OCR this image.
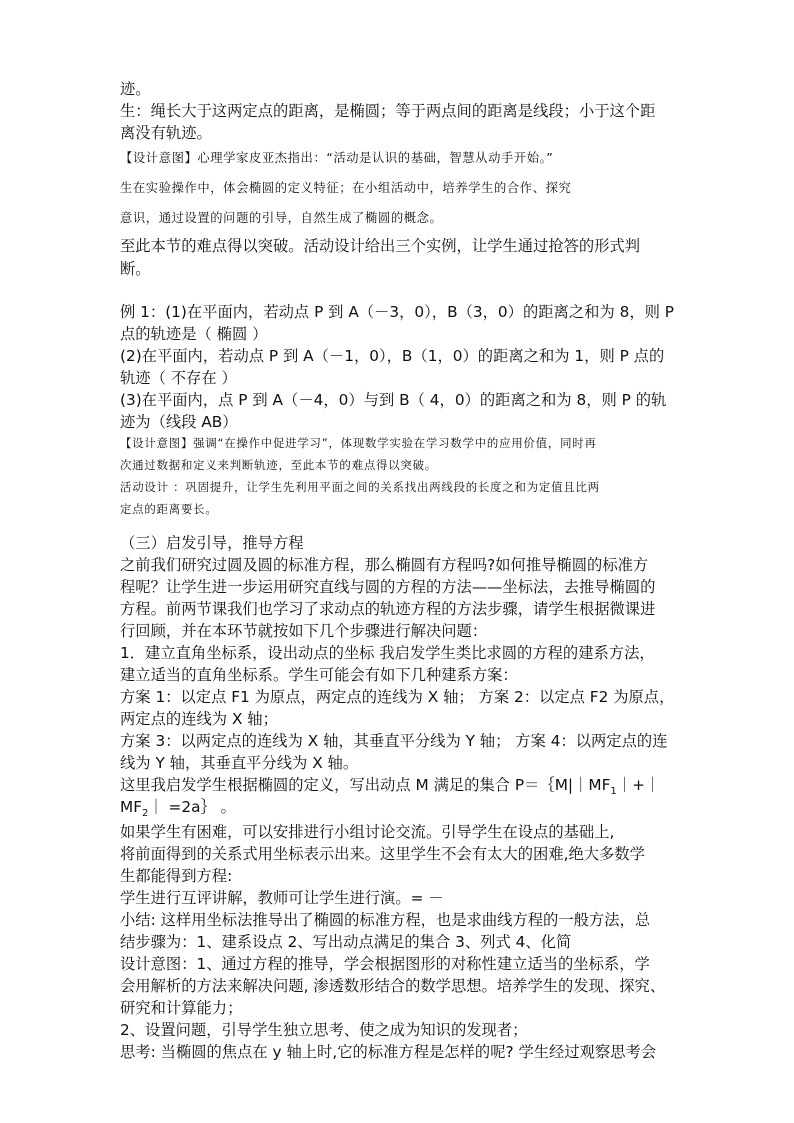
迹。
生：绳长大于这两定点的距离，是椭圆；等于两点间的距离是线段；小于这个距
离没有轨迹。
【设计意图】心理学家皮亚杰指出：“活动是认识的基础，智慧从动手开始。”
生在实验操作中，体会椭圆的定义特征；在小组活动中，培养学生的合作、探究
意识，通过设置的问题的引导，自然生成了椭圆的概念。
至此本节的难点得以突破。活动设计给出三个实例，让学生通过抢答的形式判
断。
例 1：(1)在平面内，若动点 P 到 A（－3，0），B（3，0）的距离之和为 8，则 P
点的轨迹是（ 椭圆 ）
(2)在平面内，若动点 P 到 A（－1，0），B（1，0）的距离之和为 1，则 P 点的
轨迹（ 不存在 ）
(3)在平面内，点 P 到 A（－4，0）与到 B（ 4，0）的距离之和为 8，则 P 的轨
迹为（线段 AB）
【设计意图】强调“在操作中促进学习”，体现数学实验在学习数学中的应用价值，同时再
次通过数据和定义来判断轨迹，至此本节的难点得以突破。
活动设计 ：巩固提升，让学生先利用平面之间的关系找出两线段的长度之和为定值且比两
定点的距离要长。
（三）启发引导，推导方程
之前我们研究过圆及圆的标准方程，那么椭圆有方程吗?如何推导椭圆的标准方
程呢？让学生进一步运用研究直线与圆的方程的方法——坐标法，去推导椭圆的
方程。前两节课我们也学习了求动点的轨迹方程的方法步骤，请学生根据微课进
行回顾，并在本环节就按如下几个步骤进行解决问题：
1．建立直角坐标系，设出动点的坐标 我启发学生类比求圆的方程的建系方法，
建立适当的直角坐标系。学生可能会有如下几种建系方案：
方案 1：以定点 F1 为原点，两定点的连线为 X 轴； 方案 2：以定点 F2 为原点，
两定点的连线为 X 轴；
方案 3：以两定点的连线为 X 轴，其垂直平分线为 Y 轴； 方案 4：以两定点的连
线为 Y 轴，其垂直平分线为 X 轴。
这里我启发学生根据椭圆的定义，写出动点 M 满足的集合 $P=\{M||MF_1|+|$
$MF_2|$ =2a｝ 。
如果学生有困难，可以安排进行小组讨论交流。引导学生在设点的基础上,
将前面得到的关系式用坐标表示出来。这里学生不会有太大的困难,绝大多数学
生都能得到方程:
学生进行互评讲解，教师可让学生进行演。= －
小结: 这样用坐标法推导出了椭圆的标准方程，也是求曲线方程的一般方法，总
结步骤为：1、建系设点 2、写出动点满足的集合 3、列式 4、化简
设计意图：1、通过方程的推导，学会根据图形的对称性建立适当的坐标系，学
会用解析的方法来解决问题, 渗透数形结合的数学思想。培养学生的发现、探究、
研究和计算能力；
2、设置问题，引导学生独立思考、使之成为知识的发现者；
思考: 当椭圆的焦点在 y 轴上时,它的标准方程是怎样的呢? 学生经过观察思考会
